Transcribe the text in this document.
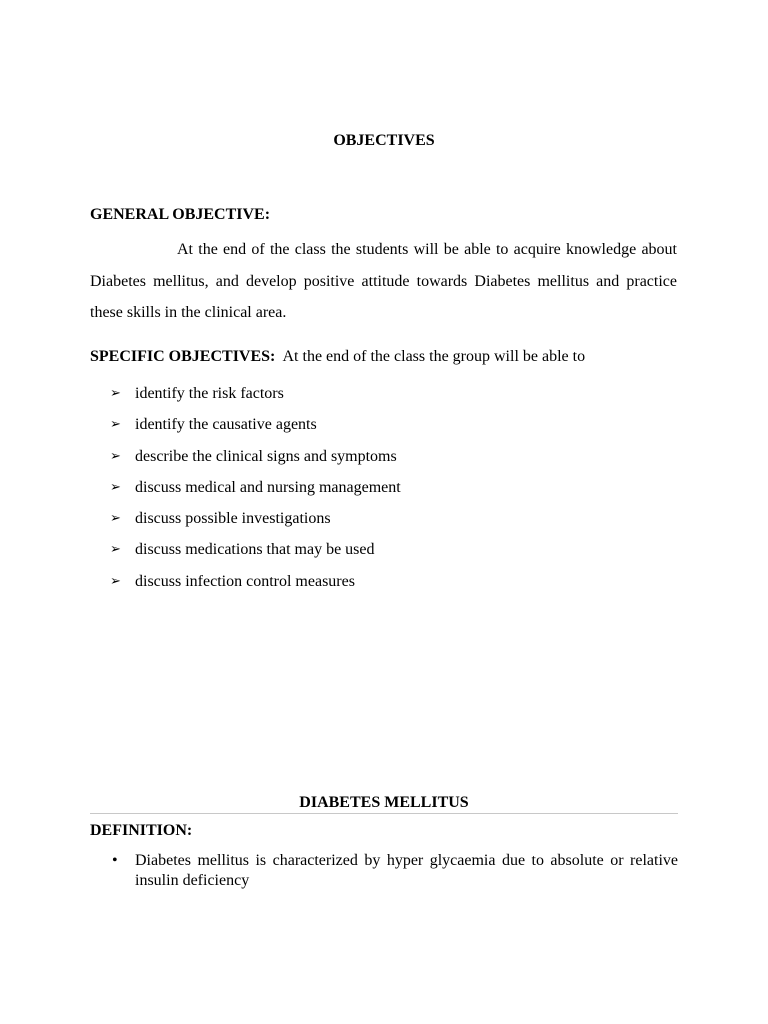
OBJECTIVES
GENERAL OBJECTIVE:
At the end of the class the students will be able to acquire knowledge about Diabetes mellitus, and develop positive attitude towards Diabetes mellitus and practice these skills in the clinical area.
SPECIFIC OBJECTIVES: At the end of the class the group will be able to
➢ identify the risk factors
➢ identify the causative agents
➢ describe the clinical signs and symptoms
➢ discuss medical and nursing management
➢ discuss possible investigations
➢ discuss medications that may be used
➢ discuss infection control measures
DIABETES MELLITUS
DEFINITION:
•	Diabetes mellitus is characterized by hyper glycaemia due to absolute or relative insulin deficiency
